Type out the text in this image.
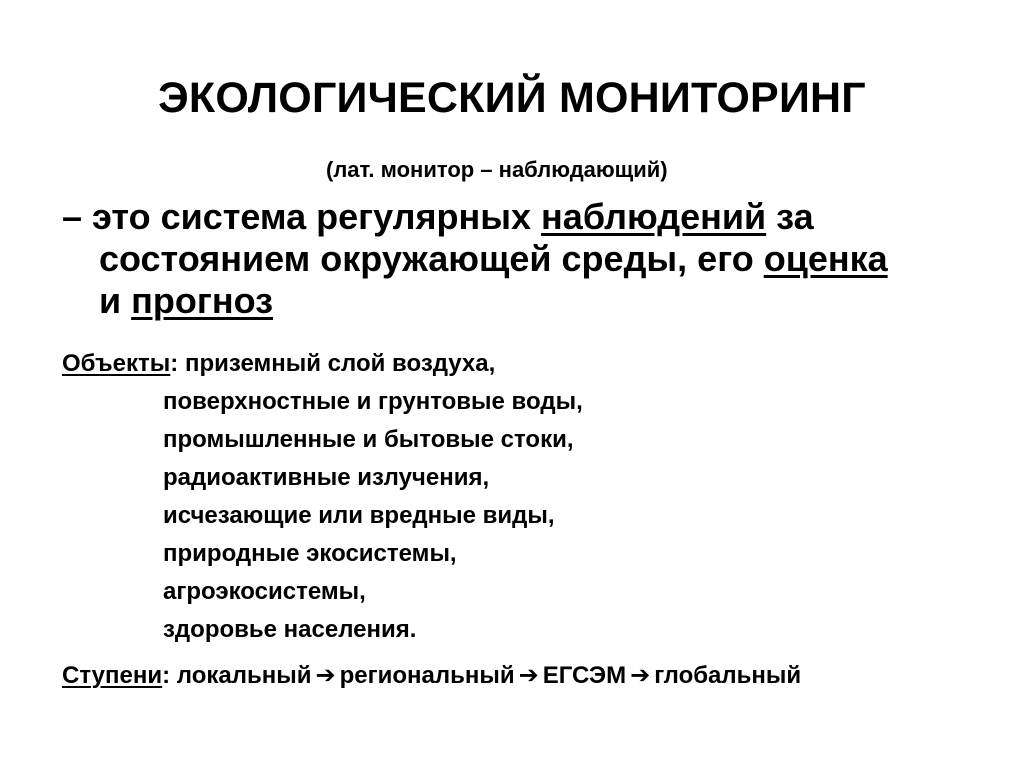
ЭКОЛОГИЧЕСКИЙ МОНИТОРИНГ
(лат. монитор – наблюдающий)
– это система регулярных наблюдений за
состоянием окружающей среды, его оценка
и прогноз
Объекты: приземный слой воздуха,
поверхностные и грунтовые воды,
промышленные и бытовые стоки,
радиоактивные излучения,
исчезающие или вредные виды,
природные экосистемы,
агроэкосистемы,
здоровье населения.
Ступени: локальный ➔ региональный ➔ ЕГСЭМ ➔ глобальный
